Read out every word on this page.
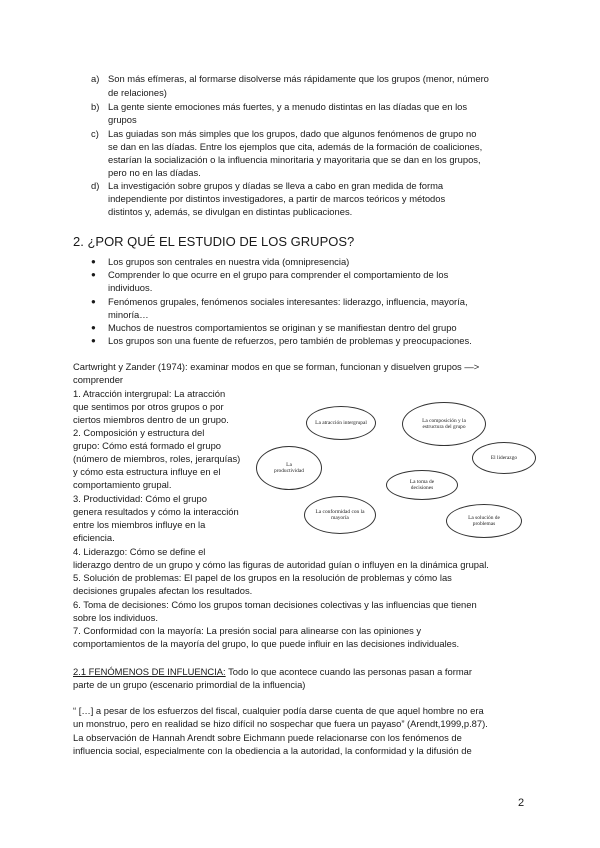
a) Son más efímeras, al formarse disolverse más rápidamente que los grupos (menor, número
de relaciones)
b) La gente siente emociones más fuertes, y a menudo distintas en las díadas que en los
grupos
c) Las guiadas son más simples que los grupos, dado que algunos fenómenos de grupo no
se dan en las díadas. Entre los ejemplos que cita, además de la formación de coaliciones,
estarían la socialización o la influencia minoritaria y mayoritaria que se dan en los grupos,
pero no en las díadas.
d) La investigación sobre grupos y díadas se lleva a cabo en gran medida de forma
independiente por distintos investigadores, a partir de marcos teóricos y métodos
distintos y, además, se divulgan en distintas publicaciones.
2. ¿POR QUÉ EL ESTUDIO DE LOS GRUPOS?
● Los grupos son centrales en nuestra vida (omnipresencia)
● Comprender lo que ocurre en el grupo para comprender el comportamiento de los
individuos.
● Fenómenos grupales, fenómenos sociales interesantes: liderazgo, influencia, mayoría,
minoría…
● Muchos de nuestros comportamientos se originan y se manifiestan dentro del grupo
● Los grupos son una fuente de refuerzos, pero también de problemas y preocupaciones.
Cartwright y Zander (1974): examinar modos en que se forman, funcionan y disuelven grupos —>
comprender
1. Atracción intergrupal: La atracción
que sentimos por otros grupos o por
ciertos miembros dentro de un grupo.
2. Composición y estructura del
grupo: Cómo está formado el grupo
(número de miembros, roles, jerarquías)
y cómo esta estructura influye en el
comportamiento grupal.
3. Productividad: Cómo el grupo
genera resultados y cómo la interacción
entre los miembros influye en la
eficiencia.
4. Liderazgo: Cómo se define el
liderazgo dentro de un grupo y cómo las figuras de autoridad guían o influyen en la dinámica grupal.
5. Solución de problemas: El papel de los grupos en la resolución de problemas y cómo las
decisiones grupales afectan los resultados.
6. Toma de decisiones: Cómo los grupos toman decisiones colectivas y las influencias que tienen
sobre los individuos.
7. Conformidad con la mayoría: La presión social para alinearse con las opiniones y
comportamientos de la mayoría del grupo, lo que puede influir en las decisiones individuales.
La atracción intergrupal	La composición y la estructura del grupo
El liderazgo
La productividad
La toma de decisiones
La conformidad con la mayoría	La solución de problemas
2.1 FENÓMENOS DE INFLUENCIA: Todo lo que acontece cuando las personas pasan a formar
parte de un grupo (escenario primordial de la influencia)
“ […] a pesar de los esfuerzos del fiscal, cualquier podía darse cuenta de que aquel hombre no era
un monstruo, pero en realidad se hizo difícil no sospechar que fuera un payaso” (Arendt,1999,p.87).
La observación de Hannah Arendt sobre Eichmann puede relacionarse con los fenómenos de
influencia social, especialmente con la obediencia a la autoridad, la conformidad y la difusión de
2
